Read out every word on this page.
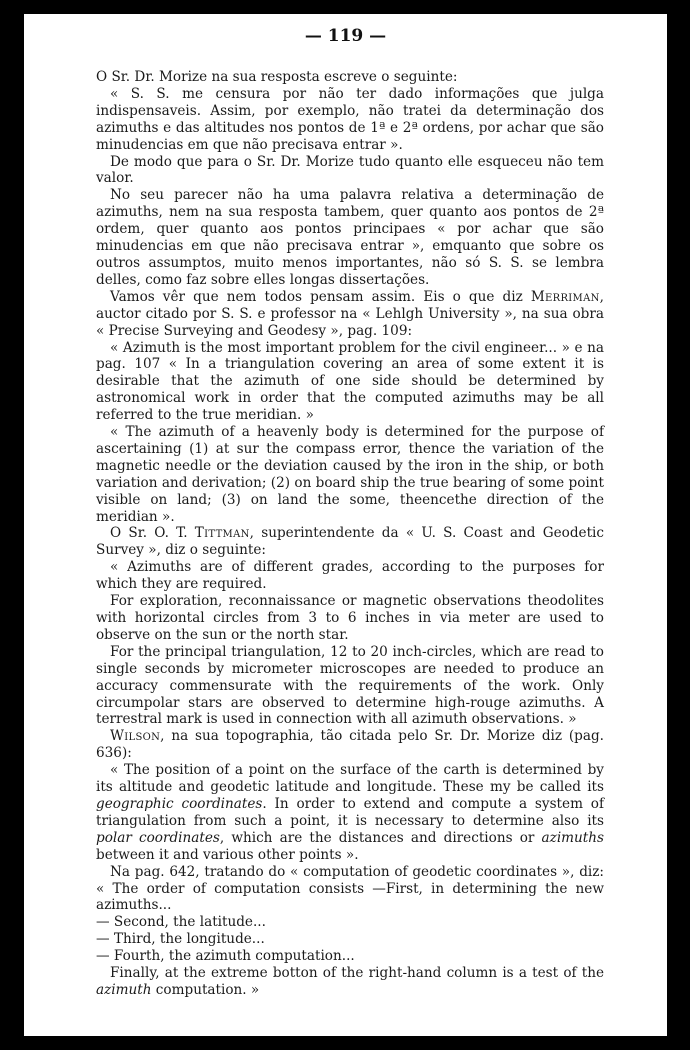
— 119 —

O Sr. Dr. Morize na sua resposta escreve o seguinte:

« S. S. me censura por não ter dado informações que julga indispensaveis. Assim, por exemplo, não tratei da determinação dos azimuths e das altitudes nos pontos de 1ª e 2ª ordens, por achar que são minudencias em que não precisava entrar ».

De modo que para o Sr. Dr. Morize tudo quanto elle esqueceu não tem valor.

No seu parecer não ha uma palavra relativa a determinação de azimuths, nem na sua resposta tambem, quer quanto aos pontos de 2ª ordem, quer quanto aos pontos principaes « por achar que são minudencias em que não precisava entrar », emquanto que sobre os outros assumptos, muito menos importantes, não só S. S. se lembra delles, como faz sobre elles longas dissertações.

Vamos vêr que nem todos pensam assim. Eis o que diz Merriman, auctor citado por S. S. e professor na « Lehlgh University », na sua obra « Precise Surveying and Geodesy », pag. 109:

« Azimuth is the most important problem for the civil engineer... » e na pag. 107 « In a triangulation covering an area of some extent it is desirable that the azimuth of one side should be determined by astronomical work in order that the computed azimuths may be all referred to the true meridian. »

« The azimuth of a heavenly body is determined for the purpose of ascertaining (1) at sur the compass error, thence the variation of the magnetic needle or the deviation caused by the iron in the ship, or both variation and derivation; (2) on board ship the true bearing of some point visible on land; (3) on land the some, theencethe direction of the meridian ».

O Sr. O. T. Tittman, superintendente da « U. S. Coast and Geodetic Survey », diz o seguinte:

« Azimuths are of different grades, according to the purposes for which they are required.

For exploration, reconnaissance or magnetic observations theodolites with horizontal circles from 3 to 6 inches in via meter are used to observe on the sun or the north star.

For the principal triangulation, 12 to 20 inch-circles, which are read to single seconds by micrometer microscopes are needed to produce an accuracy commensurate with the requirements of the work. Only circumpolar stars are observed to determine high-rouge azimuths. A terrestral mark is used in connection with all azimuth observations. »

Wilson, na sua topographia, tão citada pelo Sr. Dr. Morize diz (pag. 636):

« The position of a point on the surface of the carth is determined by its altitude and geodetic latitude and longitude. These my be called its geographic coordinates. In order to extend and compute a system of triangulation from such a point, it is necessary to determine also its polar coordinates, which are the distances and directions or azimuths between it and various other points ».

Na pag. 642, tratando do « computation of geodetic coordinates », diz: « The order of computation consists —First, in determining the new azimuths...

— Second, the latitude...

— Third, the longitude...

— Fourth, the azimuth computation...

Finally, at the extreme botton of the right-hand column is a test of the azimuth computation. »
